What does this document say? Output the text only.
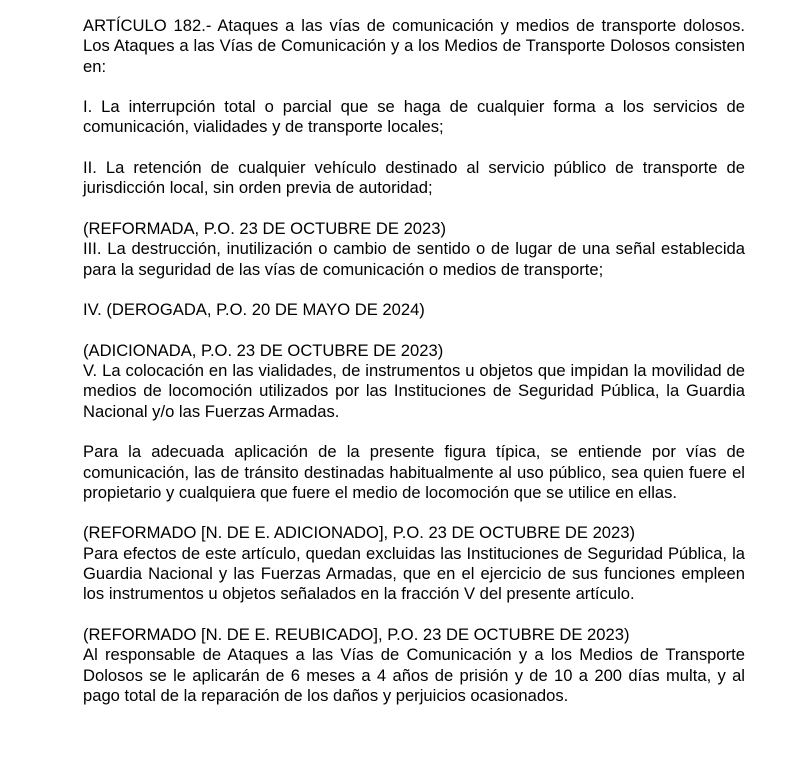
ARTÍCULO 182.- Ataques a las vías de comunicación y medios de transporte dolosos. Los Ataques a las Vías de Comunicación y a los Medios de Transporte Dolosos consisten en:

I. La interrupción total o parcial que se haga de cualquier forma a los servicios de comunicación, vialidades y de transporte locales;

II. La retención de cualquier vehículo destinado al servicio público de transporte de jurisdicción local, sin orden previa de autoridad;

(REFORMADA, P.O. 23 DE OCTUBRE DE 2023)

III. La destrucción, inutilización o cambio de sentido o de lugar de una señal establecida para la seguridad de las vías de comunicación o medios de transporte;

IV. (DEROGADA, P.O. 20 DE MAYO DE 2024)

(ADICIONADA, P.O. 23 DE OCTUBRE DE 2023)

V. La colocación en las vialidades, de instrumentos u objetos que impidan la movilidad de medios de locomoción utilizados por las Instituciones de Seguridad Pública, la Guardia Nacional y/o las Fuerzas Armadas.

Para la adecuada aplicación de la presente figura típica, se entiende por vías de comunicación, las de tránsito destinadas habitualmente al uso público, sea quien fuere el propietario y cualquiera que fuere el medio de locomoción que se utilice en ellas.

(REFORMADO [N. DE E. ADICIONADO], P.O. 23 DE OCTUBRE DE 2023)

Para efectos de este artículo, quedan excluidas las Instituciones de Seguridad Pública, la Guardia Nacional y las Fuerzas Armadas, que en el ejercicio de sus funciones empleen los instrumentos u objetos señalados en la fracción V del presente artículo.

(REFORMADO [N. DE E. REUBICADO], P.O. 23 DE OCTUBRE DE 2023)

Al responsable de Ataques a las Vías de Comunicación y a los Medios de Transporte Dolosos se le aplicarán de 6 meses a 4 años de prisión y de 10 a 200 días multa, y al pago total de la reparación de los daños y perjuicios ocasionados.
